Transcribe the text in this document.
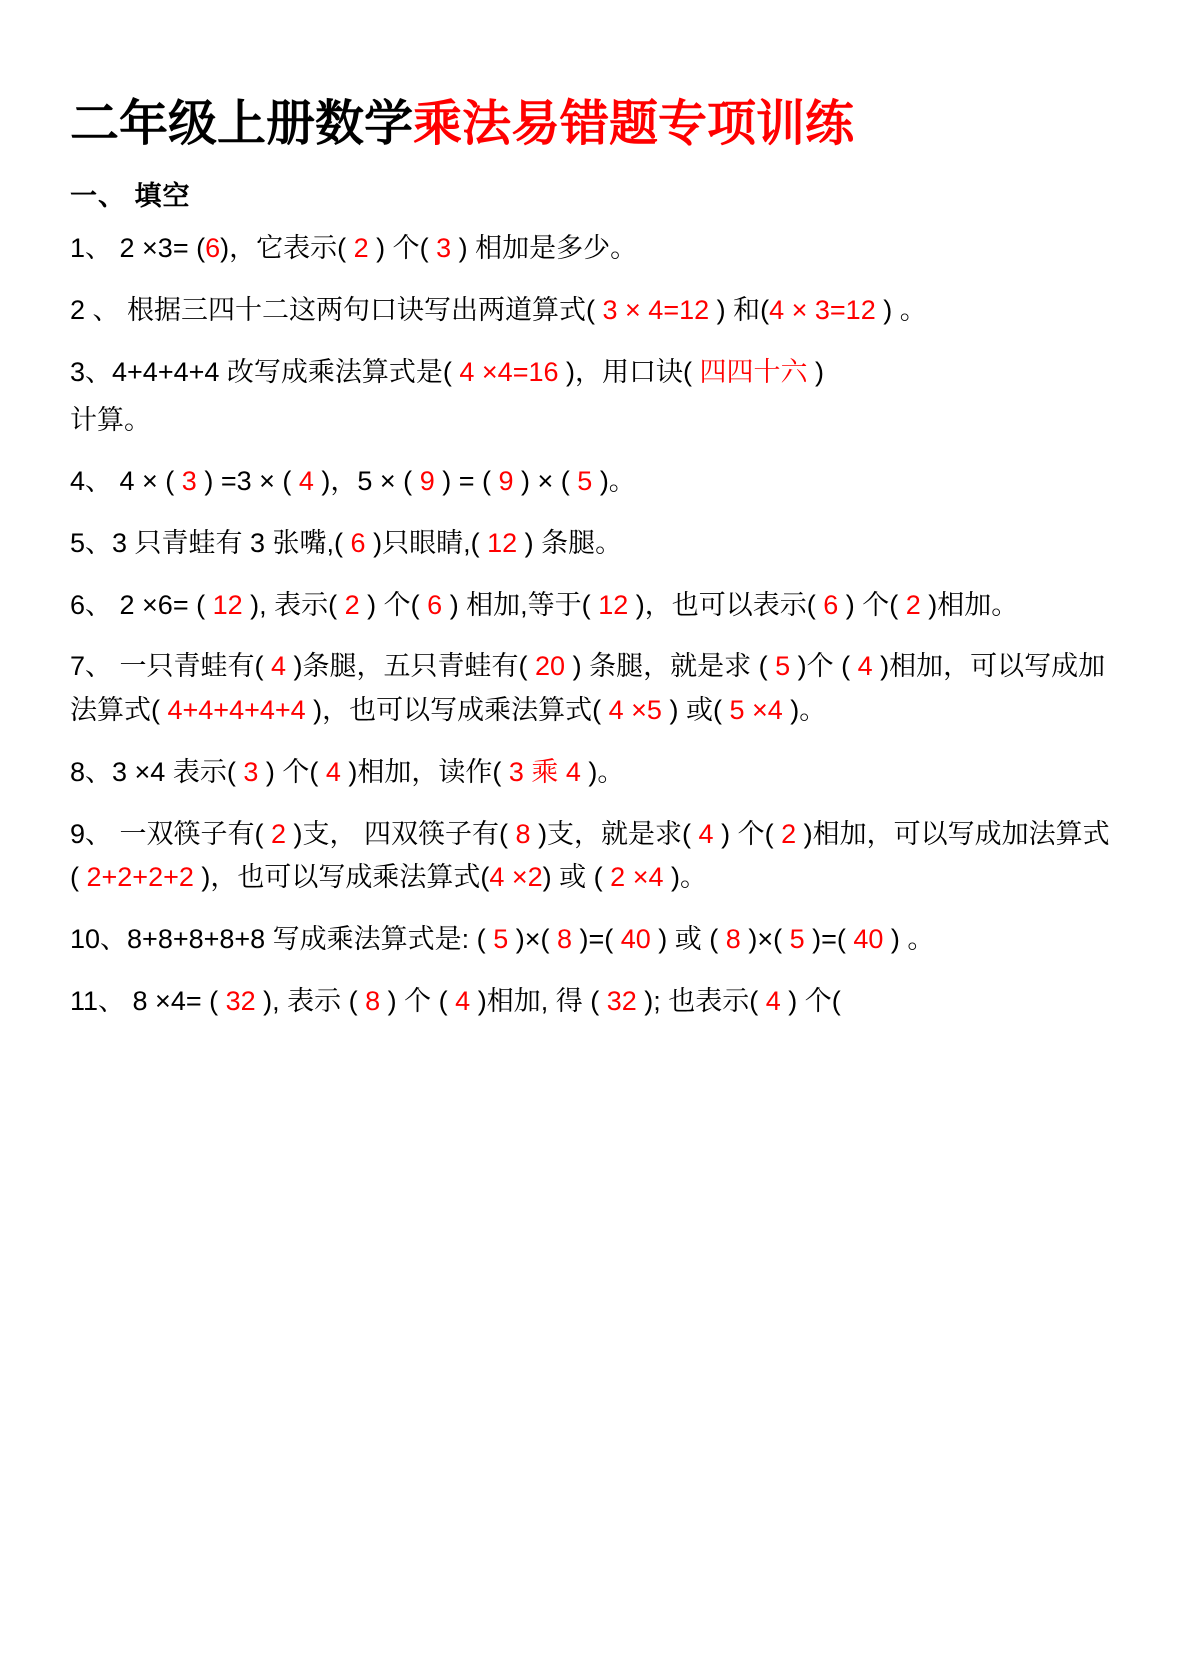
二年级上册数学乘法易错题专项训练
一、 填空

1、 2 ×3= (6)，它表示( 2 ) 个( 3 ) 相加是多少。

2 、 根据三四十二这两句口诀写出两道算式( 3 × 4=12 ) 和(4 × 3=12 ) 。

3、4+4+4+4 改写成乘法算式是( 4 ×4=16 )，用口诀( 四四十六 )

计算。

4、 4 × ( 3 ) =3 × ( 4 )，5 × ( 9 ) = ( 9 ) × ( 5 )。

5、3 只青蛙有 3 张嘴,( 6 )只眼睛,( 12 ) 条腿。

6、 2 ×6= ( 12 ), 表示( 2 ) 个( 6 ) 相加,等于( 12 )，也可以表示( 6 ) 个( 2 )相加。

7、 一只青蛙有( 4 )条腿，五只青蛙有( 20 ) 条腿，就是求 ( 5 )个 ( 4 )相加，可以写成加法算式( 4+4+4+4+4 )，也可以写成乘法算式( 4 ×5 ) 或( 5 ×4 )。

8、3 ×4 表示( 3 ) 个( 4 )相加，读作( 3 乘 4 )。

9、 一双筷子有( 2 )支， 四双筷子有( 8 )支，就是求( 4 ) 个( 2 )相加，可以写成加法算式( 2+2+2+2 )，也可以写成乘法算式(4 ×2) 或 ( 2 ×4 )。

10、8+8+8+8+8 写成乘法算式是: ( 5 )×( 8 )=( 40 ) 或 ( 8 )×( 5 )=( 40 ) 。

11、 8 ×4= ( 32 ), 表示 ( 8 ) 个 ( 4 )相加, 得 ( 32 ); 也表示( 4 ) 个(
